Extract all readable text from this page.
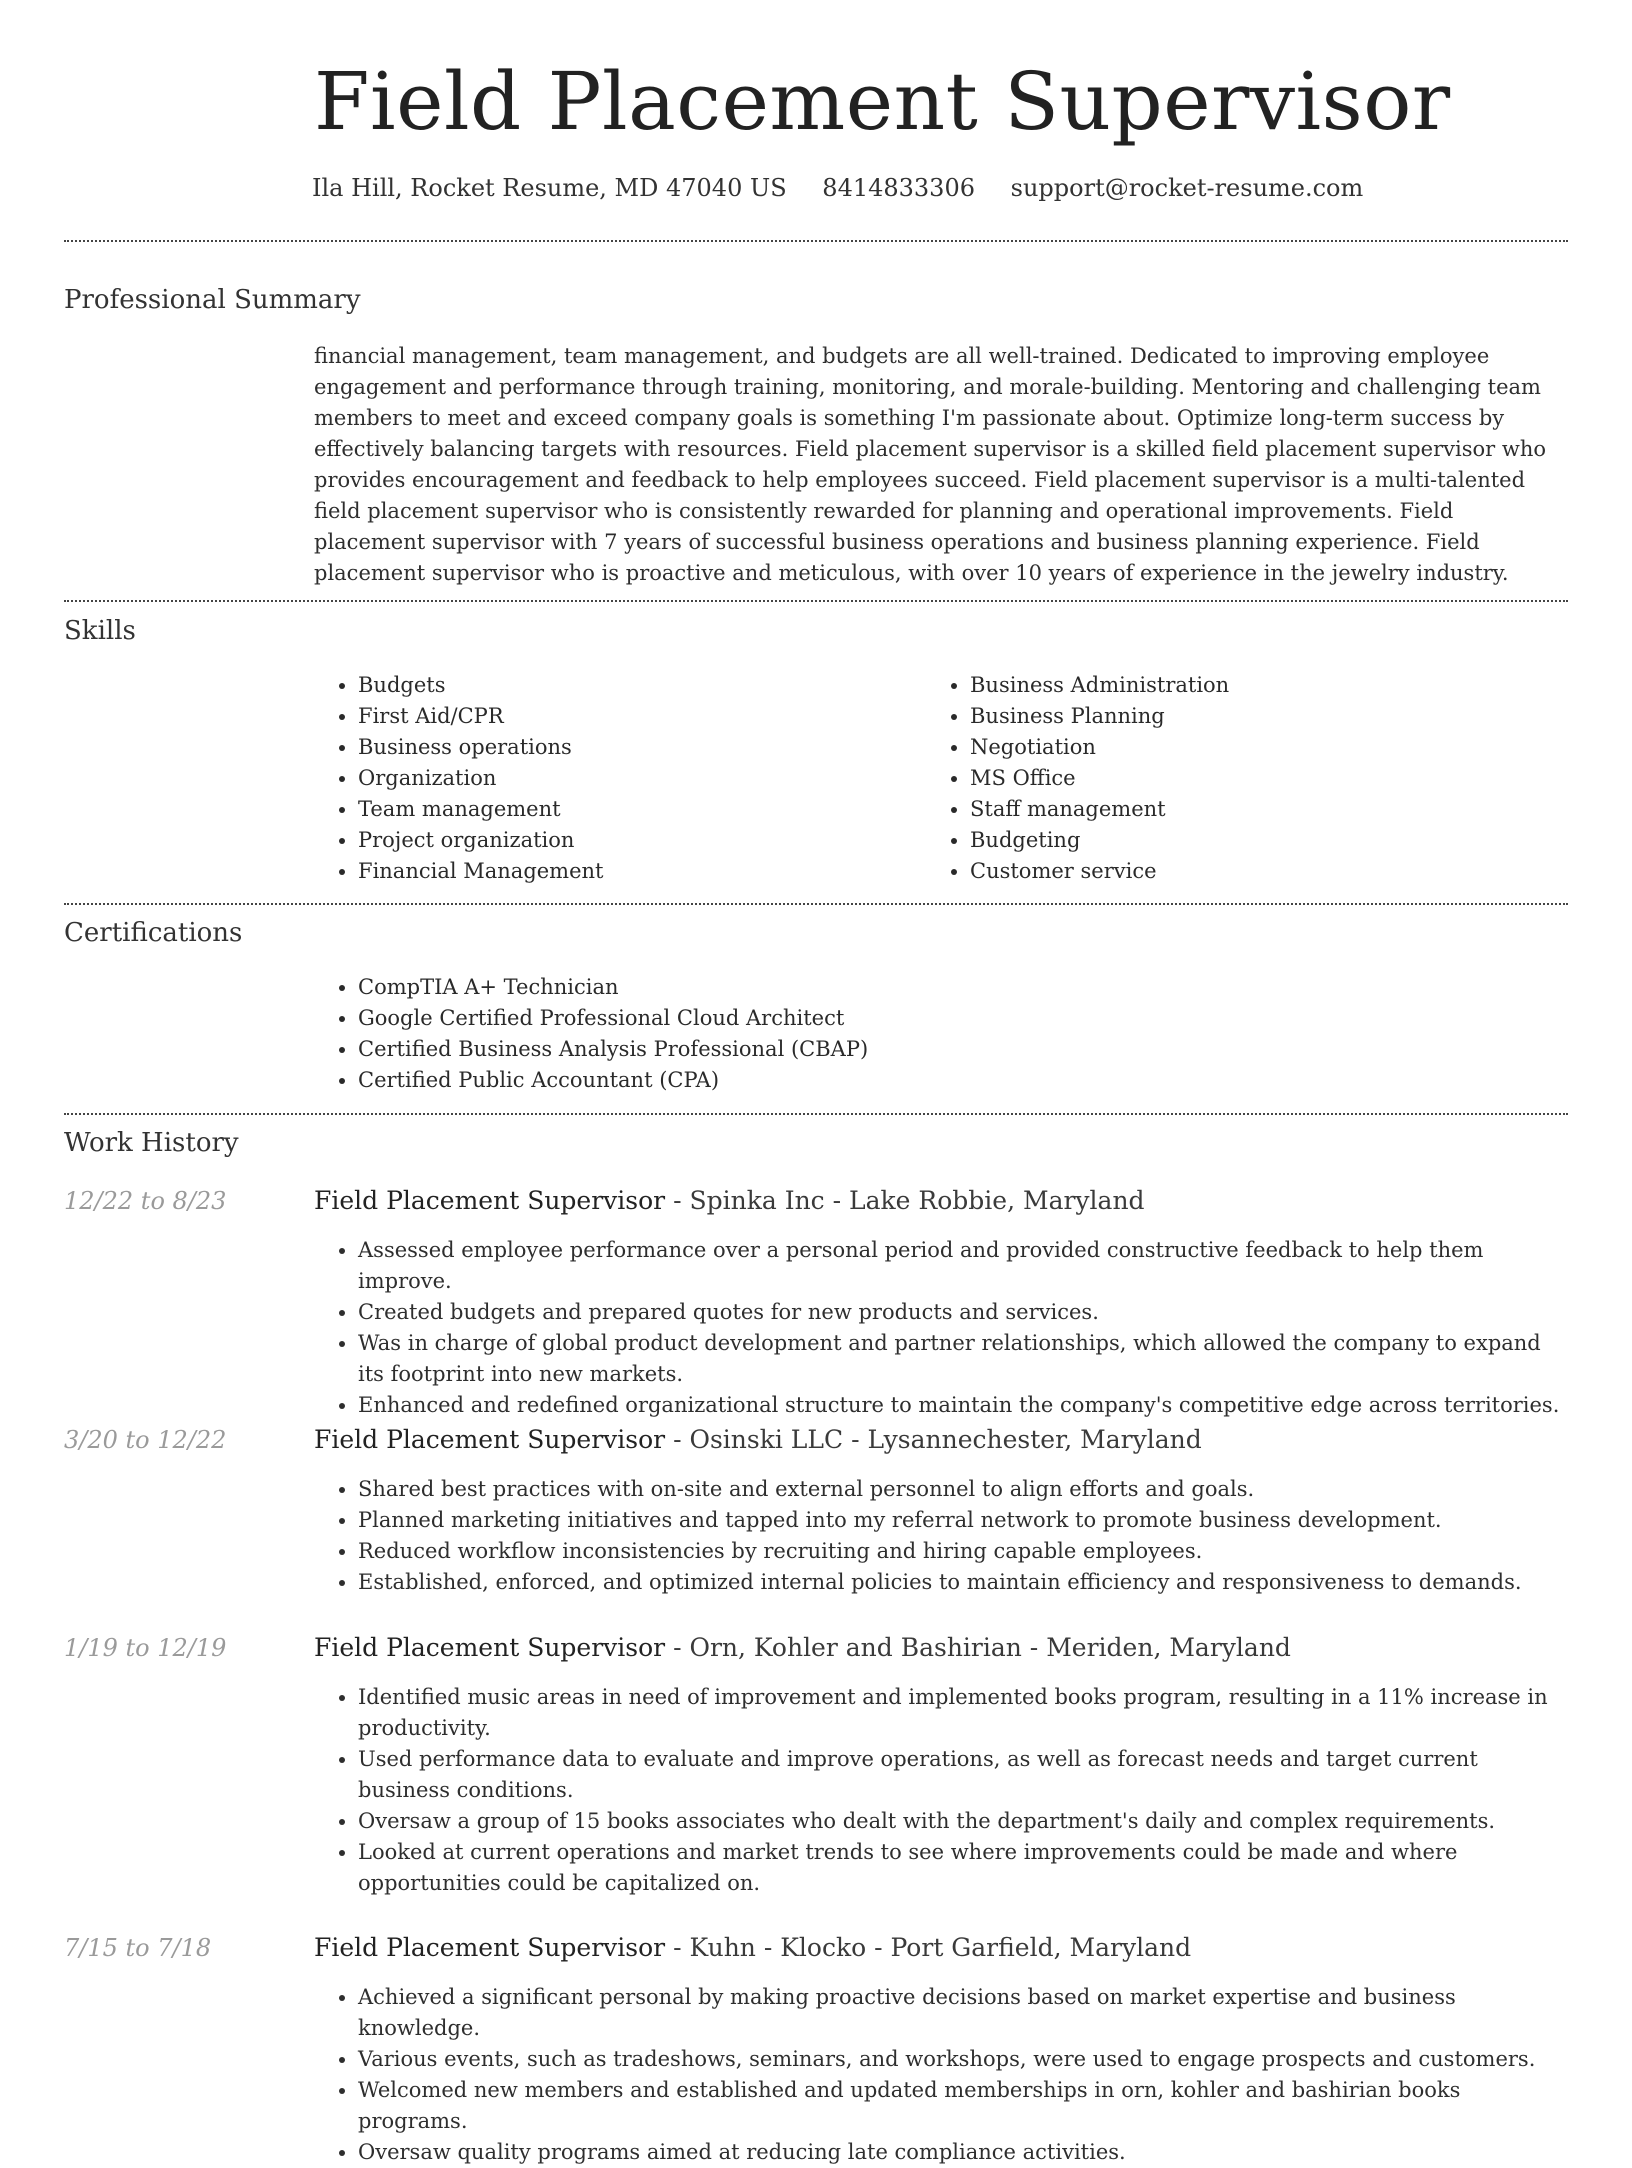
Field Placement Supervisor
Ila Hill, Rocket Resume, MD 47040 US 8414833306 support@rocket-resume.com
Professional Summary
financial management, team management, and budgets are all well-trained. Dedicated to improving employee engagement and performance through training, monitoring, and morale-building. Mentoring and challenging team members to meet and exceed company goals is something I'm passionate about. Optimize long-term success by effectively balancing targets with resources. Field placement supervisor is a skilled field placement supervisor who provides encouragement and feedback to help employees succeed. Field placement supervisor is a multi-talented field placement supervisor who is consistently rewarded for planning and operational improvements. Field placement supervisor with 7 years of successful business operations and business planning experience. Field placement supervisor who is proactive and meticulous, with over 10 years of experience in the jewelry industry.
Skills
• Budgets
• First Aid/CPR
• Business operations
• Organization
• Team management
• Project organization
• Financial Management
• Business Administration
• Business Planning
• Negotiation
• MS Office
• Staff management
• Budgeting
• Customer service
Certifications
• CompTIA A+ Technician
• Google Certified Professional Cloud Architect
• Certified Business Analysis Professional (CBAP)
• Certified Public Accountant (CPA)
Work History
12/22 to 8/23	Field Placement Supervisor - Spinka Inc - Lake Robbie, Maryland
• Assessed employee performance over a personal period and provided constructive feedback to help them improve.
• Created budgets and prepared quotes for new products and services.
• Was in charge of global product development and partner relationships, which allowed the company to expand its footprint into new markets.
• Enhanced and redefined organizational structure to maintain the company's competitive edge across territories.
3/20 to 12/22	Field Placement Supervisor - Osinski LLC - Lysannechester, Maryland
• Shared best practices with on-site and external personnel to align efforts and goals.
• Planned marketing initiatives and tapped into my referral network to promote business development.
• Reduced workflow inconsistencies by recruiting and hiring capable employees.
• Established, enforced, and optimized internal policies to maintain efficiency and responsiveness to demands.
1/19 to 12/19	Field Placement Supervisor - Orn, Kohler and Bashirian - Meriden, Maryland
• Identified music areas in need of improvement and implemented books program, resulting in a 11% increase in productivity.
• Used performance data to evaluate and improve operations, as well as forecast needs and target current business conditions.
• Oversaw a group of 15 books associates who dealt with the department's daily and complex requirements.
• Looked at current operations and market trends to see where improvements could be made and where opportunities could be capitalized on.
7/15 to 7/18	Field Placement Supervisor - Kuhn - Klocko - Port Garfield, Maryland
• Achieved a significant personal by making proactive decisions based on market expertise and business knowledge.
• Various events, such as tradeshows, seminars, and workshops, were used to engage prospects and customers.
• Welcomed new members and established and updated memberships in orn, kohler and bashirian books programs.
• Oversaw quality programs aimed at reducing late compliance activities.
